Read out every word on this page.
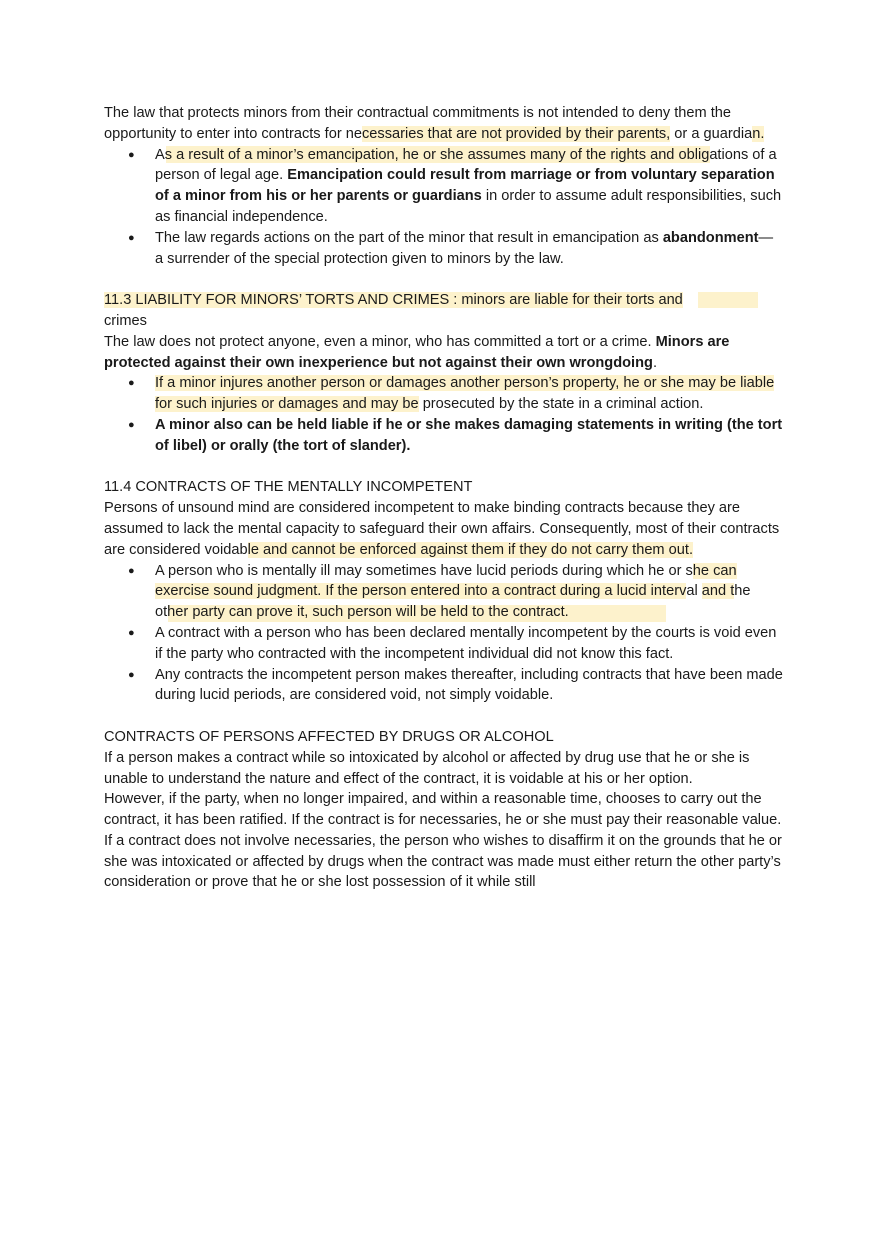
The law that protects minors from their contractual commitments is not intended to deny them the opportunity to enter into contracts for necessaries that are not provided by their parents, or a guardian.

● As a result of a minor’s emancipation, he or she assumes many of the rights and obligations of a person of legal age. Emancipation could result from marriage or from voluntary separation of a minor from his or her parents or guardians in order to assume adult responsibilities, such as financial independence.
● The law regards actions on the part of the minor that result in emancipation as abandonment— a surrender of the special protection given to minors by the law.

11.3 LIABILITY FOR MINORS’ TORTS AND CRIMES : minors are liable for their torts and
crimes

The law does not protect anyone, even a minor, who has committed a tort or a crime. Minors are protected against their own inexperience but not against their own wrongdoing.

● If a minor injures another person or damages another person’s property, he or she may be liable for such injuries or damages and may be prosecuted by the state in a criminal action.
● A minor also can be held liable if he or she makes damaging statements in writing (the tort of libel) or orally (the tort of slander).

11.4 CONTRACTS OF THE MENTALLY INCOMPETENT

Persons of unsound mind are considered incompetent to make binding contracts because they are assumed to lack the mental capacity to safeguard their own affairs. Consequently, most of their contracts are considered voidable and cannot be enforced against them if they do not carry them out.

● A person who is mentally ill may sometimes have lucid periods during which he or she can exercise sound judgment. If the person entered into a contract during a lucid interval and the other party can prove it, such person will be held to the contract.
● A contract with a person who has been declared mentally incompetent by the courts is void even if the party who contracted with the incompetent individual did not know this fact.
● Any contracts the incompetent person makes thereafter, including contracts that have been made during lucid periods, are considered void, not simply voidable.

CONTRACTS OF PERSONS AFFECTED BY DRUGS OR ALCOHOL

If a person makes a contract while so intoxicated by alcohol or affected by drug use that he or she is unable to understand the nature and effect of the contract, it is voidable at his or her option.

However, if the party, when no longer impaired, and within a reasonable time, chooses to carry out the contract, it has been ratified. If the contract is for necessaries, he or she must pay their reasonable value.

If a contract does not involve necessaries, the person who wishes to disaffirm it on the grounds that he or she was intoxicated or affected by drugs when the contract was made must either return the other party’s consideration or prove that he or she lost possession of it while still
